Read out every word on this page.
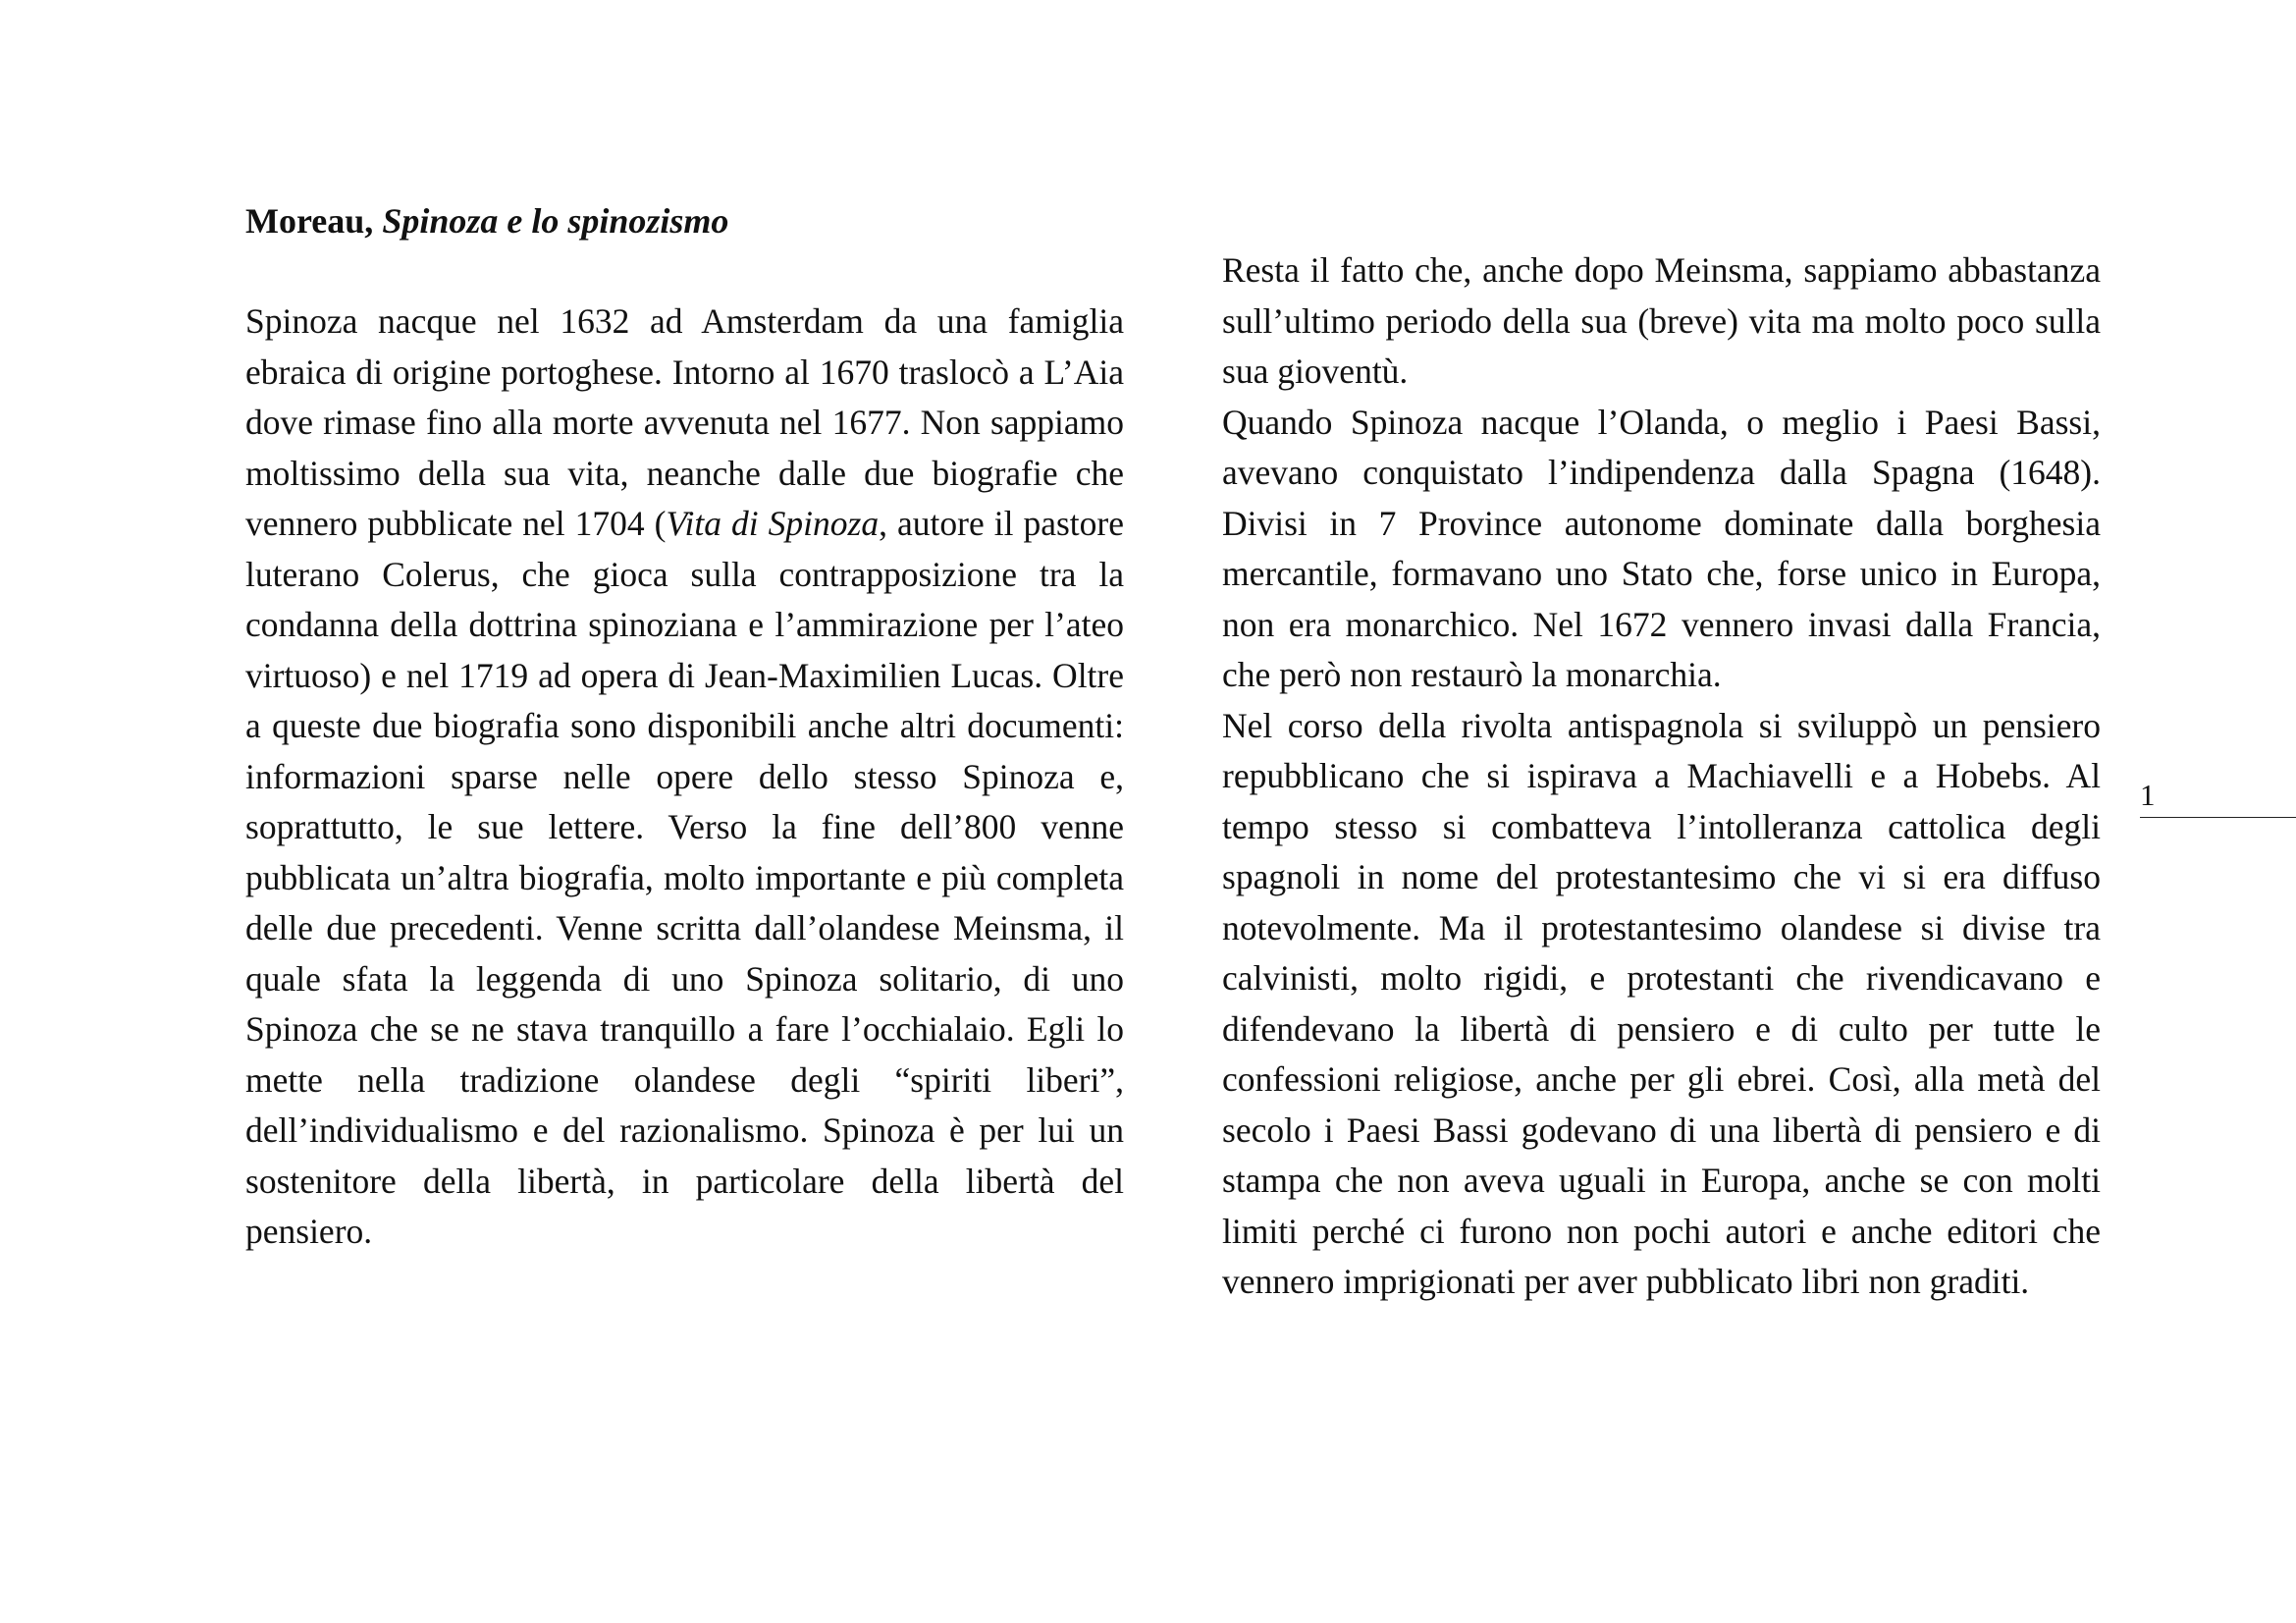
Moreau, Spinoza e lo spinozismo

Spinoza nacque nel 1632 ad Amsterdam da una famiglia ebraica di origine portoghese. Intorno al 1670 traslocò a L’Aia dove rimase fino alla morte avvenuta nel 1677. Non sappiamo moltissimo della sua vita, neanche dalle due biografie che vennero pubblicate nel 1704 (Vita di Spinoza, autore il pastore luterano Colerus, che gioca sulla contrapposizione tra la condanna della dottrina spinoziana e l’ammirazione per l’ateo virtuoso) e nel 1719 ad opera di Jean-Maximilien Lucas. Oltre a queste due biografia sono disponibili anche altri documenti: informazioni sparse nelle opere dello stesso Spinoza e, soprattutto, le sue lettere. Verso la fine dell’800 venne pubblicata un’altra biografia, molto importante e più completa delle due precedenti. Venne scritta dall’olandese Meinsma, il quale sfata la leggenda di uno Spinoza solitario, di uno Spinoza che se ne stava tranquillo a fare l’occhialaio. Egli lo mette nella tradizione olandese degli “spiriti liberi”, dell’individualismo e del razionalismo. Spinoza è per lui un sostenitore della libertà, in particolare della libertà del pensiero.

Resta il fatto che, anche dopo Meinsma, sappiamo abbastanza sull’ultimo periodo della sua (breve) vita ma molto poco sulla sua gioventù.

Quando Spinoza nacque l’Olanda, o meglio i Paesi Bassi, avevano conquistato l’indipendenza dalla Spagna (1648). Divisi in 7 Province autonome dominate dalla borghesia mercantile, formavano uno Stato che, forse unico in Europa, non era monarchico. Nel 1672 vennero invasi dalla Francia, che però non restaurò la monarchia.

Nel corso della rivolta antispagnola si sviluppò un pensiero repubblicano che si ispirava a Machiavelli e a Hobebs. Al tempo stesso si combatteva l’intolleranza cattolica degli spagnoli in nome del protestantesimo che vi si era diffuso notevolmente. Ma il protestantesimo olandese si divise tra calvinisti, molto rigidi, e protestanti che rivendicavano e difendevano la libertà di pensiero e di culto per tutte le confessioni religiose, anche per gli ebrei. Così, alla metà del secolo i Paesi Bassi godevano di una libertà di pensiero e di stampa che non aveva uguali in Europa, anche se con molti limiti perché ci furono non pochi autori e anche editori che vennero imprigionati per aver pubblicato libri non graditi.

1
